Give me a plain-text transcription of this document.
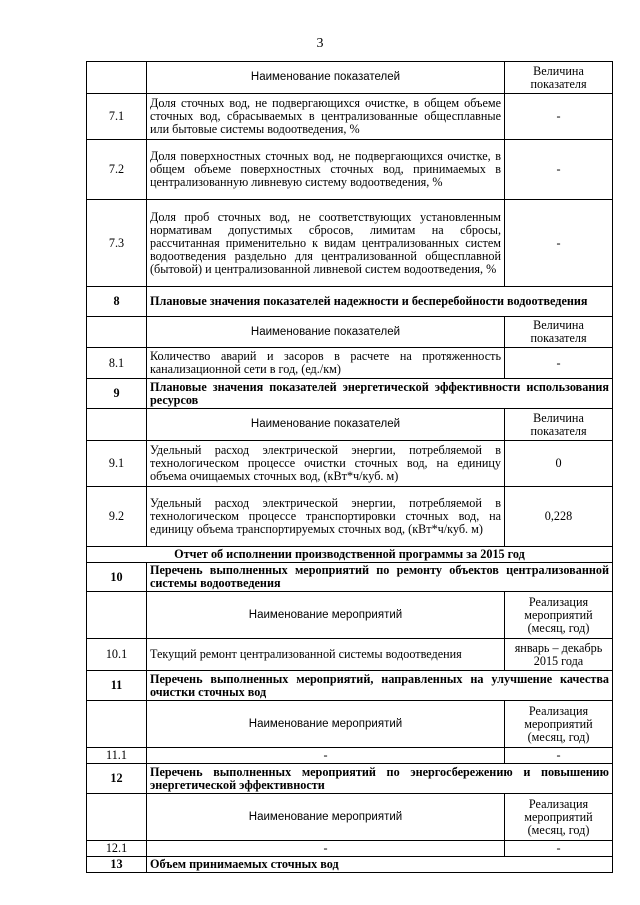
3
	Наименование показателей	Величина показателя
7.1	Доля сточных вод, не подвергающихся очистке, в общем объеме сточных вод, сбрасываемых в централизованные общесплавные или бытовые системы водоотведения, %	-
7.2	Доля поверхностных сточных вод, не подвергающихся очистке, в общем объеме поверхностных сточных вод, принимаемых в централизованную ливневую систему водоотведения, %	-
7.3	Доля проб сточных вод, не соответствующих установленным нормативам допустимых сбросов, лимитам на сбросы, рассчитанная применительно к видам централизованных систем водоотведения раздельно для централизованной общесплавной (бытовой) и централизованной ливневой систем водоотведения, %	-
8	Плановые значения показателей надежности и бесперебойности водоотведения	
	Наименование показателей	Величина показателя
8.1	Количество аварий и засоров в расчете на протяженность канализационной сети в год, (ед./км)	-
9	Плановые значения показателей энергетической эффективности использования ресурсов	
	Наименование показателей	Величина показателя
9.1	Удельный расход электрической энергии, потребляемой в технологическом процессе очистки сточных вод, на единицу объема очищаемых сточных вод, (кВт*ч/куб. м)	0
9.2	Удельный расход электрической энергии, потребляемой в технологическом процессе транспортировки сточных вод, на единицу объема транспортируемых сточных вод, (кВт*ч/куб. м)	0,228
Отчет об исполнении производственной программы за 2015 год		
10	Перечень выполненных мероприятий по ремонту объектов централизованной системы водоотведения	
	Наименование мероприятий	Реализация мероприятий (месяц, год)
10.1	Текущий ремонт централизованной системы водоотведения	январь – декабрь 2015 года
11	Перечень выполненных мероприятий, направленных на улучшение качества очистки сточных вод	
	Наименование мероприятий	Реализация мероприятий (месяц, год)
11.1	-	-
12	Перечень выполненных мероприятий по энергосбережению и повышению энергетической эффективности	
	Наименование мероприятий	Реализация мероприятий (месяц, год)
12.1	-	-
13	Объем принимаемых сточных вод	
